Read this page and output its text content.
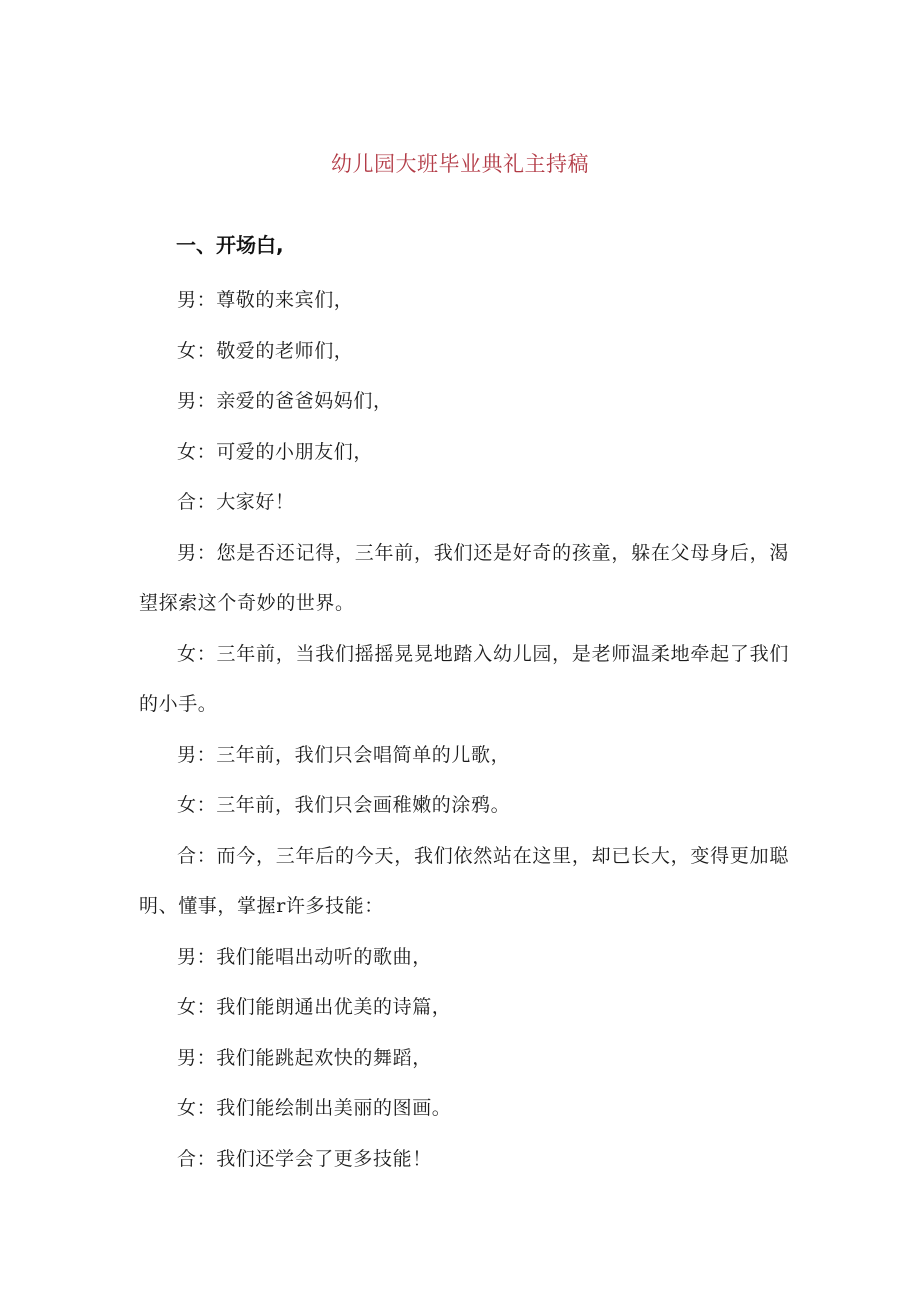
幼儿园大班毕业典礼主持稿
一、开场白,

男：尊敬的来宾们，

女：敬爱的老师们，

男：亲爱的爸爸妈妈们，

女：可爱的小朋友们，

合：大家好！

男：您是否还记得，三年前，我们还是好奇的孩童，躲在父母身后，渴望探索这个奇妙的世界。

女：三年前，当我们摇摇晃晃地踏入幼儿园，是老师温柔地牵起了我们的小手。

男：三年前，我们只会唱简单的儿歌，

女：三年前，我们只会画稚嫩的涂鸦。

合：而今，三年后的今天，我们依然站在这里，却已长大，变得更加聪明、懂事，掌握r许多技能：

男：我们能唱出动听的歌曲，

女：我们能朗通出优美的诗篇，

男：我们能跳起欢快的舞蹈，

女：我们能绘制出美丽的图画。

合：我们还学会了更多技能！
